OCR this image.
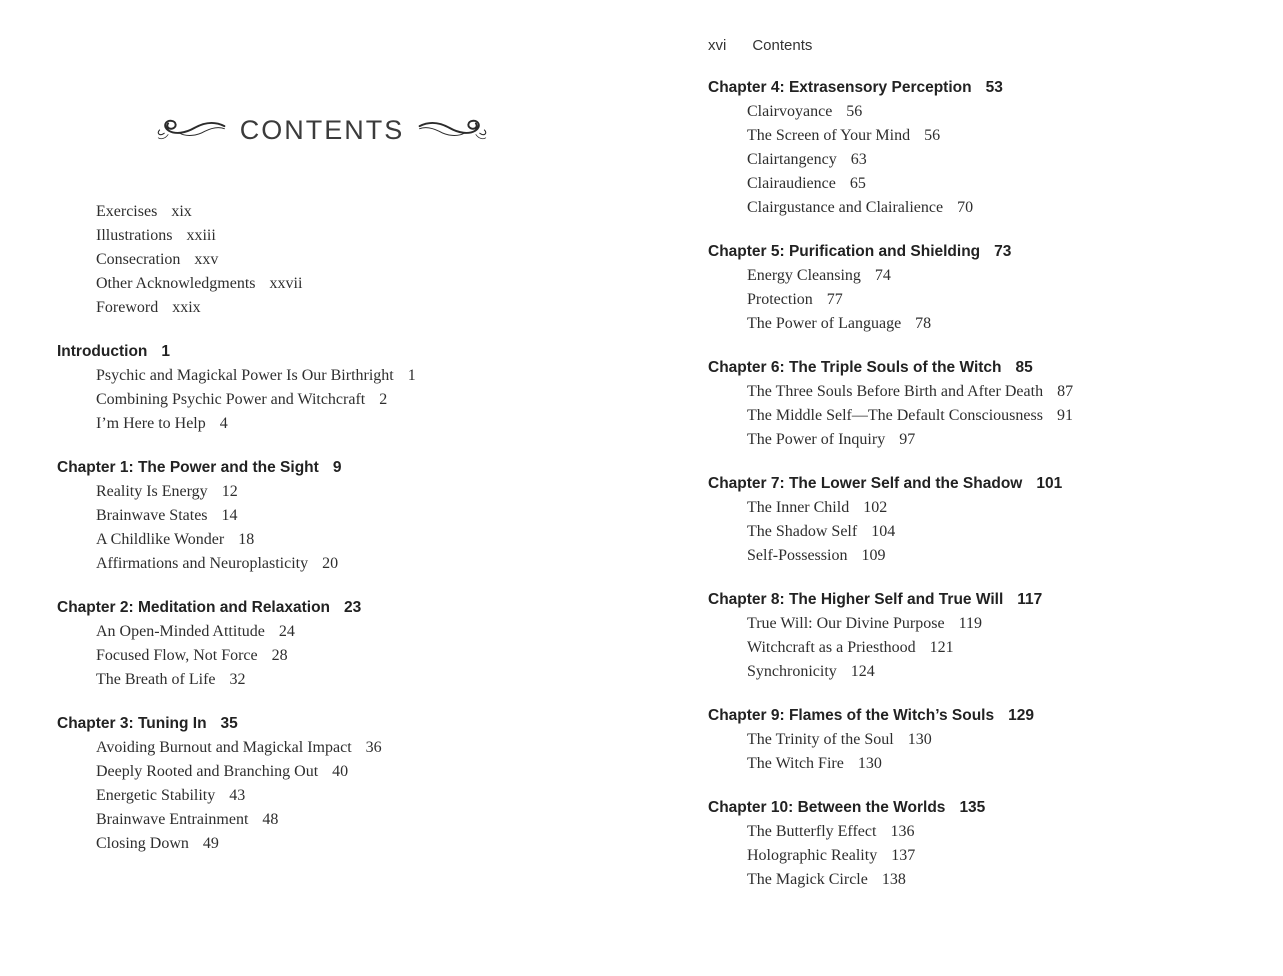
CONTENTS
Exercises xix
Illustrations xxiii
Consecration xxv
Other Acknowledgments xxvii
Foreword xxix
Introduction 1
Psychic and Magickal Power Is Our Birthright 1
Combining Psychic Power and Witchcraft 2
I’m Here to Help 4
Chapter 1: The Power and the Sight 9
Reality Is Energy 12
Brainwave States 14
A Childlike Wonder 18
Affirmations and Neuroplasticity 20
Chapter 2: Meditation and Relaxation 23
An Open-Minded Attitude 24
Focused Flow, Not Force 28
The Breath of Life 32
Chapter 3: Tuning In 35
Avoiding Burnout and Magickal Impact 36
Deeply Rooted and Branching Out 40
Energetic Stability 43
Brainwave Entrainment 48
Closing Down 49
xvi Contents
Chapter 4: Extrasensory Perception 53
Clairvoyance 56
The Screen of Your Mind 56
Clairtangency 63
Clairaudience 65
Clairgustance and Clairalience 70
Chapter 5: Purification and Shielding 73
Energy Cleansing 74
Protection 77
The Power of Language 78
Chapter 6: The Triple Souls of the Witch 85
The Three Souls Before Birth and After Death 87
The Middle Self—The Default Consciousness 91
The Power of Inquiry 97
Chapter 7: The Lower Self and the Shadow 101
The Inner Child 102
The Shadow Self 104
Self-Possession 109
Chapter 8: The Higher Self and True Will 117
True Will: Our Divine Purpose 119
Witchcraft as a Priesthood 121
Synchronicity 124
Chapter 9: Flames of the Witch’s Souls 129
The Trinity of the Soul 130
The Witch Fire 130
Chapter 10: Between the Worlds 135
The Butterfly Effect 136
Holographic Reality 137
The Magick Circle 138
